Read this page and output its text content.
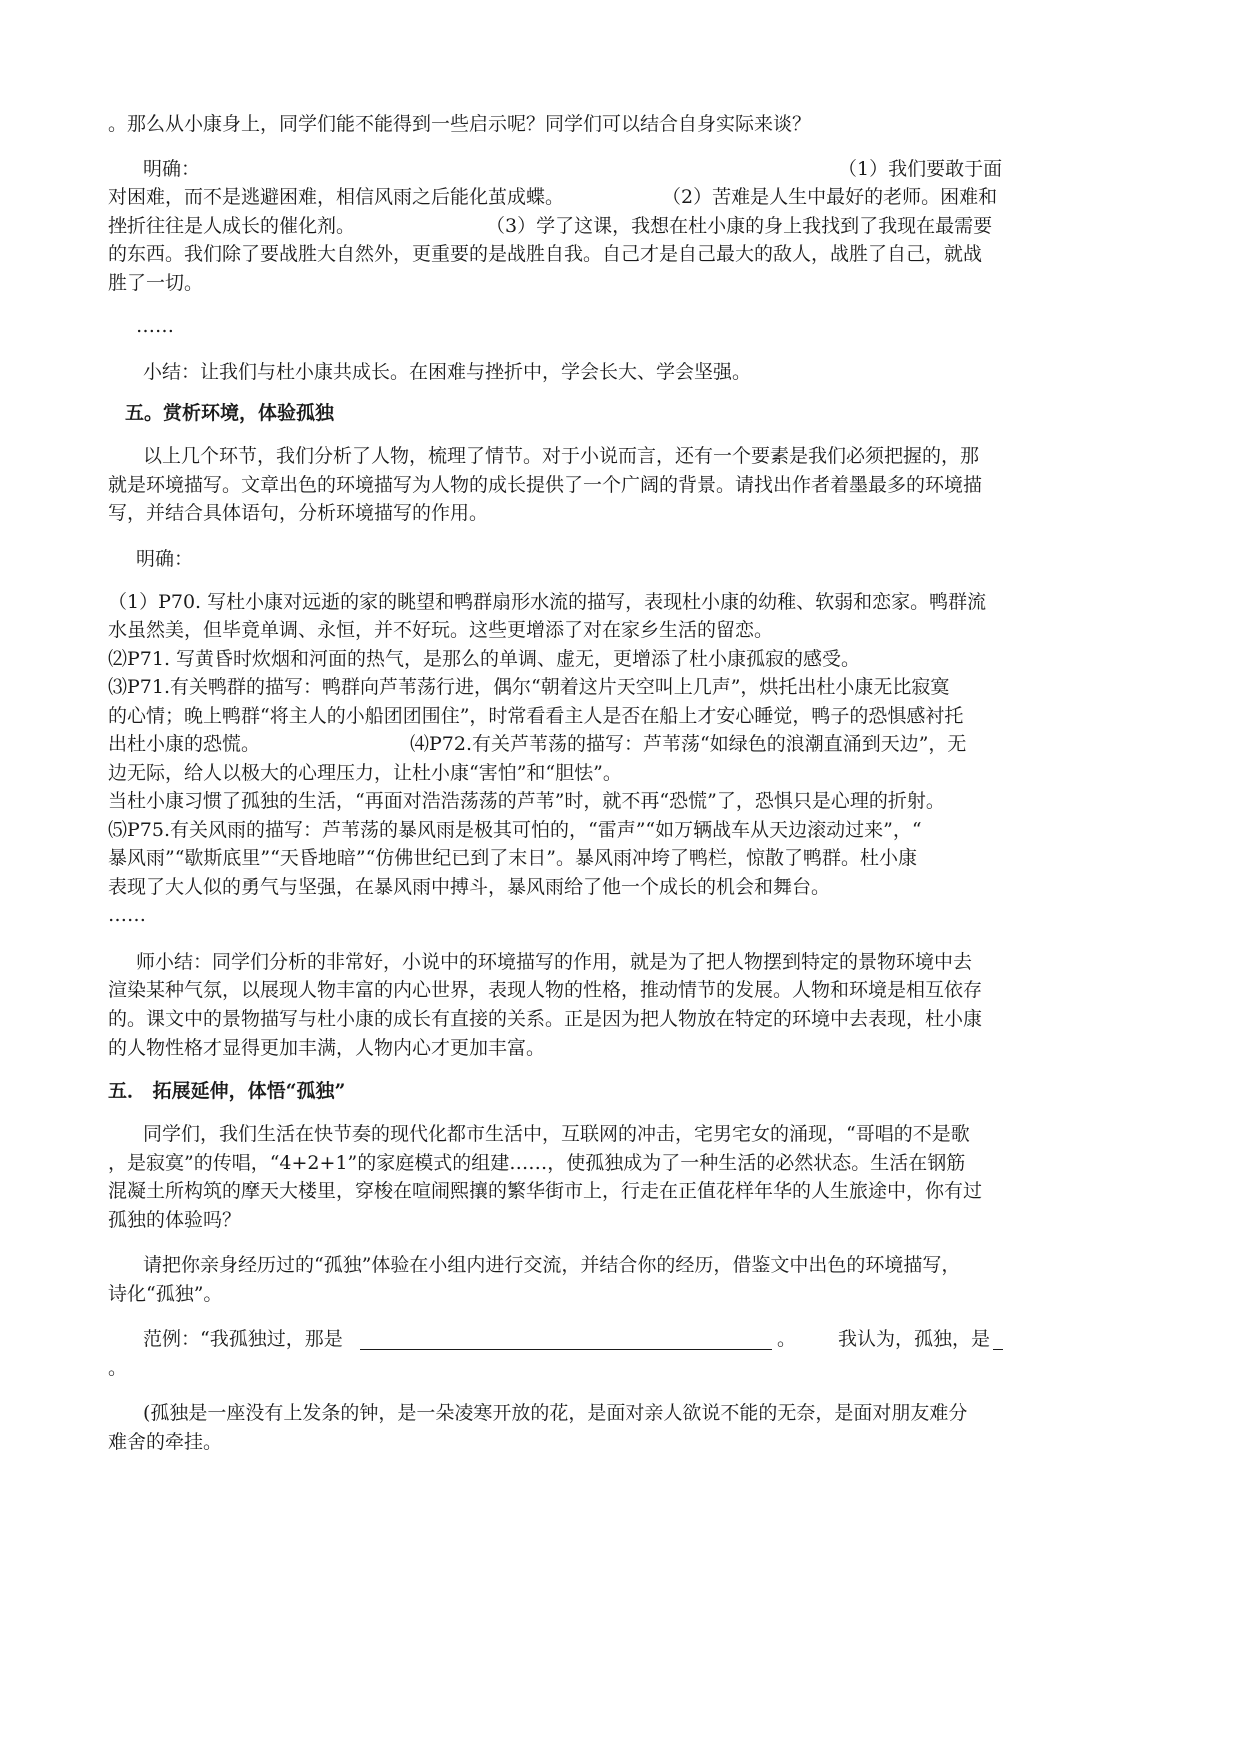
。那么从小康身上，同学们能不能得到一些启示呢？同学们可以结合自身实际来谈？
明确：	（1）我们要敢于面
对困难，而不是逃避困难，相信风雨之后能化茧成蝶。	（2）苦难是人生中最好的老师。困难和
挫折往往是人成长的催化剂。	（3）学了这课，我想在杜小康的身上我找到了我现在最需要
的东西。我们除了要战胜大自然外，更重要的是战胜自我。自己才是自己最大的敌人，战胜了自己，就战
胜了一切。
……
小结：让我们与杜小康共成长。在困难与挫折中，学会长大、学会坚强。
五。赏析环境，体验孤独
以上几个环节，我们分析了人物，梳理了情节。对于小说而言，还有一个要素是我们必须把握的，那
就是环境描写。文章出色的环境描写为人物的成长提供了一个广阔的背景。请找出作者着墨最多的环境描
写，并结合具体语句，分析环境描写的作用。
明确：
（1）P70. 写杜小康对远逝的家的眺望和鸭群扇形水流的描写，表现杜小康的幼稚、软弱和恋家。鸭群流
水虽然美，但毕竟单调、永恒，并不好玩。这些更增添了对在家乡生活的留恋。
⑵P71. 写黄昏时炊烟和河面的热气，是那么的单调、虚无，更增添了杜小康孤寂的感受。
⑶P71.有关鸭群的描写：鸭群向芦苇荡行进，偶尔“朝着这片天空叫上几声”，烘托出杜小康无比寂寞
的心情；晚上鸭群“将主人的小船团团围住”，时常看看主人是否在船上才安心睡觉，鸭子的恐惧感衬托
出杜小康的恐慌。	⑷P72.有关芦苇荡的描写：芦苇荡“如绿色的浪潮直涌到天边”，无
边无际，给人以极大的心理压力，让杜小康“害怕”和“胆怯”。
当杜小康习惯了孤独的生活，“再面对浩浩荡荡的芦苇”时，就不再“恐慌”了，恐惧只是心理的折射。
⑸P75.有关风雨的描写：芦苇荡的暴风雨是极其可怕的，“雷声”“如万辆战车从天边滚动过来”，“
暴风雨”“歇斯底里”“天昏地暗”“仿佛世纪已到了末日”。暴风雨冲垮了鸭栏，惊散了鸭群。杜小康
表现了大人似的勇气与坚强，在暴风雨中搏斗，暴风雨给了他一个成长的机会和舞台。
……
师小结：同学们分析的非常好，小说中的环境描写的作用，就是为了把人物摆到特定的景物环境中去
渲染某种气氛，以展现人物丰富的内心世界，表现人物的性格，推动情节的发展。人物和环境是相互依存
的。课文中的景物描写与杜小康的成长有直接的关系。正是因为把人物放在特定的环境中去表现，杜小康
的人物性格才显得更加丰满，人物内心才更加丰富。
五． 拓展延伸，体悟“孤独”
同学们，我们生活在快节奏的现代化都市生活中，互联网的冲击，宅男宅女的涌现，“哥唱的不是歌
，是寂寞”的传唱，“4+2+1”的家庭模式的组建……，使孤独成为了一种生活的必然状态。生活在钢筋
混凝土所构筑的摩天大楼里，穿梭在喧闹熙攘的繁华街市上，行走在正值花样年华的人生旅途中，你有过
孤独的体验吗？
请把你亲身经历过的“孤独”体验在小组内进行交流，并结合你的经历，借鉴文中出色的环境描写，
诗化“孤独”。
范例：“我孤独过，那是	。 我认为，孤独，是
。
(孤独是一座没有上发条的钟，是一朵凌寒开放的花，是面对亲人欲说不能的无奈，是面对朋友难分
难舍的牵挂。
